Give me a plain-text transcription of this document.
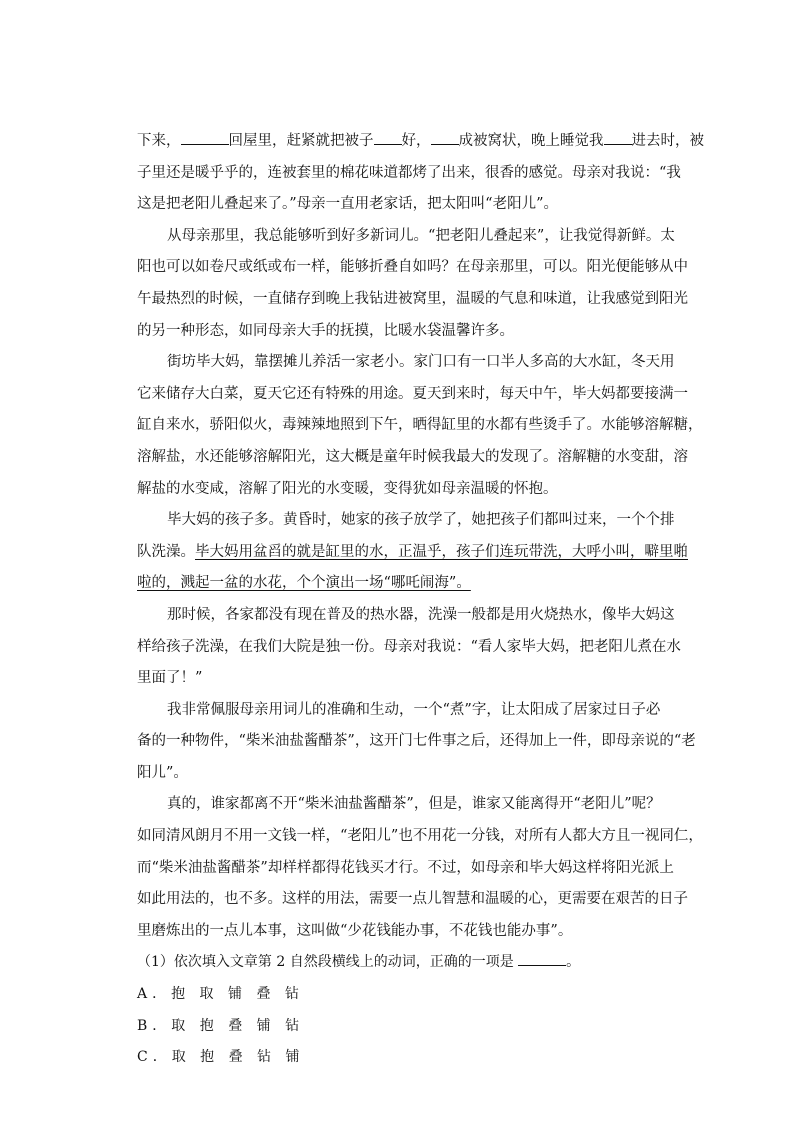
下来，	回屋里，赶紧就把被子 好， 成被窝状，晚上睡觉我 进去时，被
子里还是暖乎乎的，连被套里的棉花味道都烤了出来，很香的感觉。母亲对我说：“我
这是把老阳儿叠起来了。”母亲一直用老家话，把太阳叫“老阳儿”。
从母亲那里，我总能够听到好多新词儿。“把老阳儿叠起来”，让我觉得新鲜。太
阳也可以如卷尺或纸或布一样，能够折叠自如吗？在母亲那里，可以。阳光便能够从中
午最热烈的时候，一直储存到晚上我钻进被窝里，温暖的气息和味道，让我感觉到阳光
的另一种形态，如同母亲大手的抚摸，比暖水袋温馨许多。
街坊毕大妈，靠摆摊儿养活一家老小。家门口有一口半人多高的大水缸，冬天用
它来储存大白菜，夏天它还有特殊的用途。夏天到来时，每天中午，毕大妈都要接满一
缸自来水，骄阳似火，毒辣辣地照到下午，晒得缸里的水都有些烫手了。水能够溶解糖，
溶解盐，水还能够溶解阳光，这大概是童年时候我最大的发现了。溶解糖的水变甜，溶
解盐的水变咸，溶解了阳光的水变暖，变得犹如母亲温暖的怀抱。
毕大妈的孩子多。黄昏时，她家的孩子放学了，她把孩子们都叫过来，一个个排
队洗澡。毕大妈用盆舀的就是缸里的水，正温乎，孩子们连玩带洗，大呼小叫，噼里啪
啦的，溅起一盆的水花，个个演出一场“哪吒闹海”。
那时候，各家都没有现在普及的热水器，洗澡一般都是用火烧热水，像毕大妈这
样给孩子洗澡，在我们大院是独一份。母亲对我说：“看人家毕大妈，把老阳儿煮在水
里面了！”
我非常佩服母亲用词儿的准确和生动，一个“煮”字，让太阳成了居家过日子必
备的一种物件，“柴米油盐酱醋茶”，这开门七件事之后，还得加上一件，即母亲说的“老
阳儿”。
真的，谁家都离不开“柴米油盐酱醋茶”，但是，谁家又能离得开“老阳儿”呢？
如同清风朗月不用一文钱一样，“老阳儿”也不用花一分钱，对所有人都大方且一视同仁，
而“柴米油盐酱醋茶”却样样都得花钱买才行。不过，如母亲和毕大妈这样将阳光派上
如此用法的，也不多。这样的用法，需要一点儿智慧和温暖的心，更需要在艰苦的日子
里磨炼出的一点儿本事，这叫做“少花钱能办事，不花钱也能办事”。
（1）依次填入文章第 2 自然段横线上的动词，正确的一项是	。
A．抱 取 铺 叠 钻
B．取 抱 叠 铺 钻
C．取 抱 叠 钻 铺
